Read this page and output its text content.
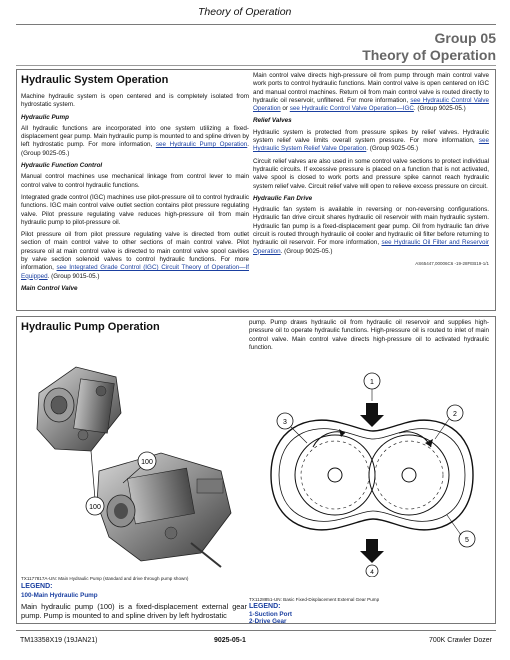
Theory of Operation
Group 05
Theory of Operation
Hydraulic System Operation

Machine hydraulic system is open centered and is completely isolated from hydrostatic system.

Hydraulic Pump

All hydraulic functions are incorporated into one system utilizing a fixed-displacement gear pump. Main hydraulic pump is mounted to and spline driven by left hydrostatic pump. For more information, see Hydraulic Pump Operation. (Group 9025-05.)

Hydraulic Function Control

Manual control machines use mechanical linkage from control lever to main control valve to control hydraulic functions.

Integrated grade control (IGC) machines use pilot-pressure oil to control hydraulic functions. IGC main control valve outlet section contains pilot pressure regulating valve. Pilot pressure regulating valve reduces high-pressure oil from main hydraulic pump to pilot-pressure oil.

Pilot pressure oil from pilot pressure regulating valve is directed from outlet section of main control valve to other sections of main control valve. Pilot pressure oil at main control valve is directed to main control valve spool cavities by valve section solenoid valves to control hydraulic functions. For more information, see Integrated Grade Control (IGC) Circuit Theory of Operation—If Equipped. (Group 9015-05.)

Main Control Valve

Main control valve directs high-pressure oil from pump through main control valve work ports to control hydraulic functions. Main control valve is open centered on IGC and manual control machines. Return oil from main control valve is routed directly to hydraulic oil reservoir, unfiltered. For more information, see Hydraulic Control Valve Operation or see Hydraulic Control Valve Operation—IGC. (Group 9025-05.)

Relief Valves

Hydraulic system is protected from pressure spikes by relief valves. Hydraulic system relief valve limits overall system pressure. For more information, see Hydraulic System Relief Valve Operation. (Group 9025-05.)

Circuit relief valves are also used in some control valve sections to protect individual hydraulic circuits. If excessive pressure is placed on a function that is not activated, valve spool is closed to work ports and pressure spike cannot reach hydraulic system relief valve. Circuit relief valve will open to relieve excess pressure on circuit.

Hydraulic Fan Drive

Hydraulic fan system is available in reversing or non-reversing configurations. Hydraulic fan drive circuit shares hydraulic oil reservoir with main hydraulic system. Hydraulic fan pump is a fixed-displacement gear pump. Oil from hydraulic fan drive circuit is routed through hydraulic oil cooler and hydraulic oil filter before returning to hydraulic oil reservoir. For more information, see Hydraulic Oil Filter and Reservoir Operation. (Group 9025-05.)

AS65447,00006C6 -19-28FEB19-1/1
Hydraulic Pump Operation	pump. Pump draws hydraulic oil from hydraulic oil reservoir and supplies high-pressure oil to operate hydraulic functions. High-pressure oil is routed to inlet of main control valve. Main control valve directs high-pressure oil to activated hydraulic function.

100
100
1
2
3
4
5
TX1177817A-UN: Main Hydraulic Pump (standard and drive through pump shown)
LEGEND:
100-Main Hydraulic Pump
Main hydraulic pump (100) is a fixed-displacement external gear pump. Pump is mounted to and spline driven by left hydrostatic
TX1128851-UN: Basic Fixed-Displacement External Gear Pump
LEGEND:
1-Suction Port
2-Drive Gear
TM13358X19 (19JAN21)	9025-05-1	700K Crawler Dozer
